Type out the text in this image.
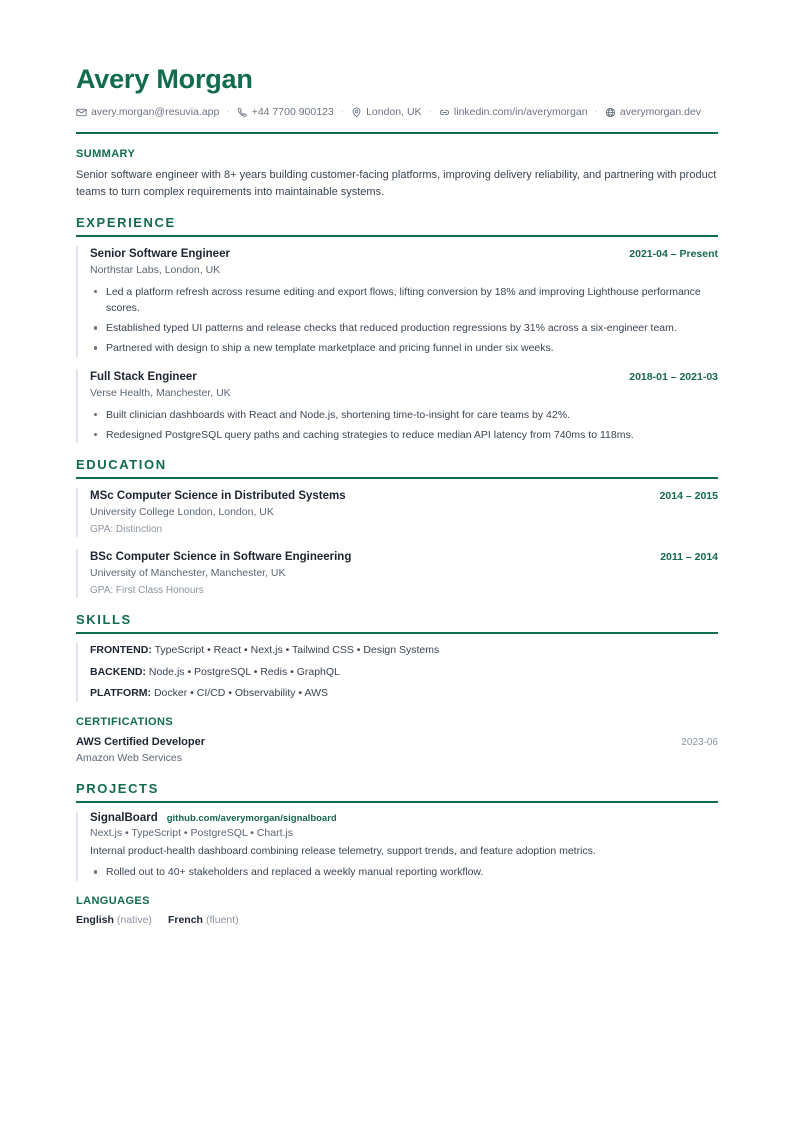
Avery Morgan
avery.morgan@resuvia.app ·	+44 7700 900123 ·	London, UK ·	linkedin.com/in/averymorgan ·	averymorgan.dev
SUMMARY

Senior software engineer with 8+ years building customer-facing platforms, improving delivery reliability, and partnering with product teams to turn complex requirements into maintainable systems.

EXPERIENCE
Senior Software Engineer	2021-04 – Present
Northstar Labs, London, UK
Led a platform refresh across resume editing and export flows, lifting conversion by 18% and improving Lighthouse performance scores.
Established typed UI patterns and release checks that reduced production regressions by 31% across a six-engineer team.
Partnered with design to ship a new template marketplace and pricing funnel in under six weeks.
Full Stack Engineer	2018-01 – 2021-03
Verse Health, Manchester, UK
Built clinician dashboards with React and Node.js, shortening time-to-insight for care teams by 42%.
Redesigned PostgreSQL query paths and caching strategies to reduce median API latency from 740ms to 118ms.
EDUCATION
MSc Computer Science in Distributed Systems	2014 – 2015
University College London, London, UK
GPA: Distinction
BSc Computer Science in Software Engineering	2011 – 2014
University of Manchester, Manchester, UK
GPA: First Class Honours
SKILLS
FRONTEND: TypeScript • React • Next.js • Tailwind CSS • Design Systems
BACKEND: Node.js • PostgreSQL • Redis • GraphQL
PLATFORM: Docker • CI/CD • Observability • AWS
CERTIFICATIONS
AWS Certified Developer	2023-06
Amazon Web Services
PROJECTS
SignalBoard github.com/averymorgan/signalboard
Next.js • TypeScript • PostgreSQL • Chart.js
Internal product-health dashboard combining release telemetry, support trends, and feature adoption metrics.
Rolled out to 40+ stakeholders and replaced a weekly manual reporting workflow.
LANGUAGES
English (native) French (fluent)
